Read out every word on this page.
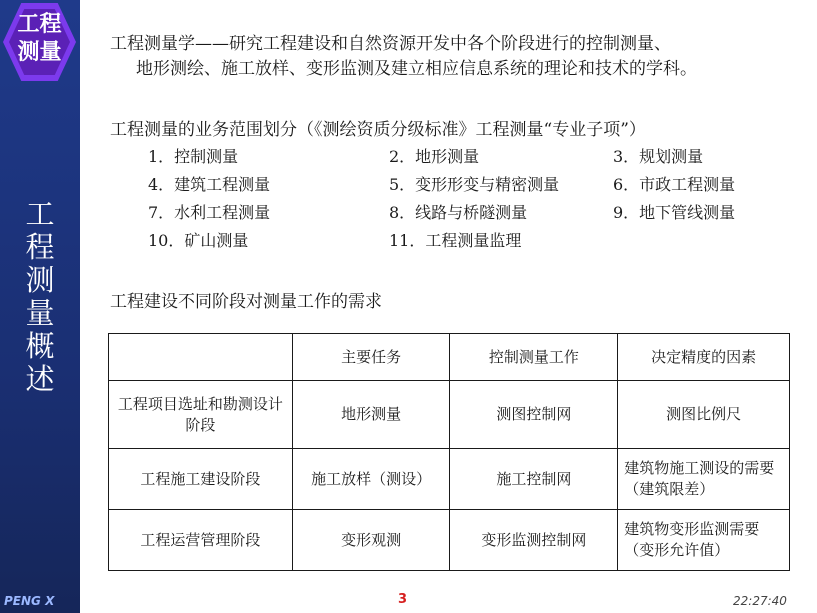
工程
测量
工
程
测
量
概
述
工程测量学——研究工程建设和自然资源开发中各个阶段进行的控制测量、
地形测绘、施工放样、变形监测及建立相应信息系统的理论和技术的学科。
工程测量的业务范围划分（《测绘资质分级标准》工程测量“专业子项”）
1．控制测量	2．地形测量	3．规划测量
4．建筑工程测量	5．变形形变与精密测量	6．市政工程测量
7．水利工程测量	8．线路与桥隧测量	9．地下管线测量
10．矿山测量	11．工程测量监理
工程建设不同阶段对测量工作的需求
	主要任务	控制测量工作	决定精度的因素
工程项目选址和勘测设计阶段	地形测量	测图控制网	测图比例尺
工程施工建设阶段	施工放样（测设）	施工控制网	建筑物施工测设的需要（建筑限差）
工程运营管理阶段	变形观测	变形监测控制网	建筑物变形监测需要（变形允许值）
PENG X	3	22:27:40
